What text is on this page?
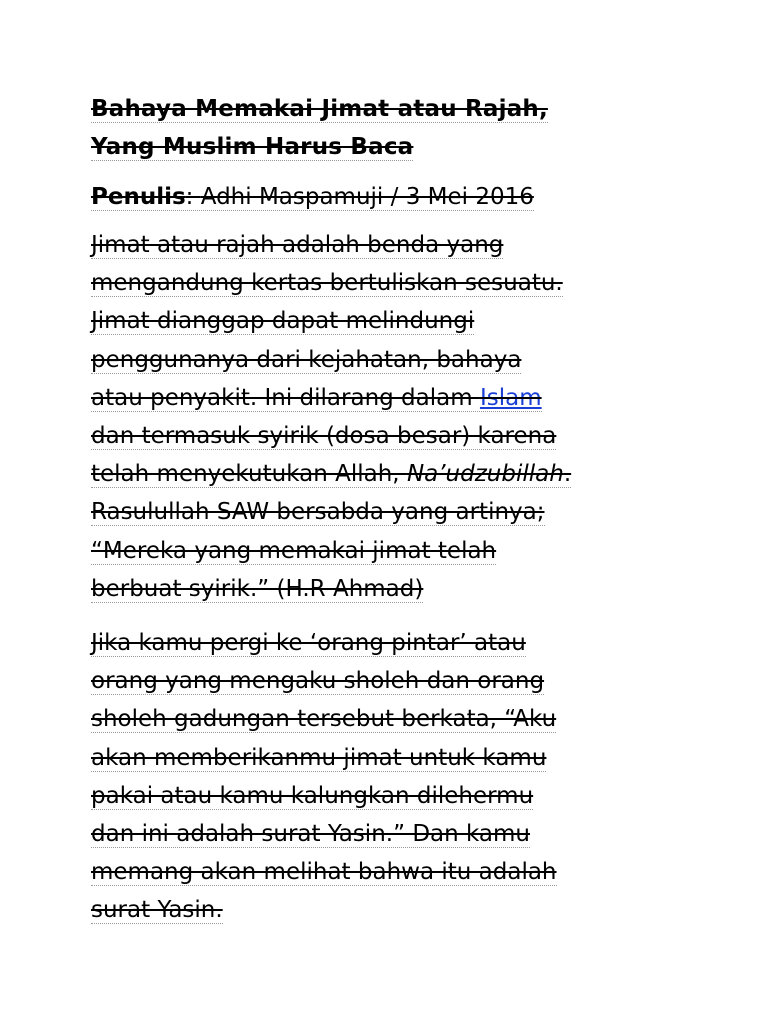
Bahaya Memakai Jimat atau Rajah,
Yang Muslim Harus Baca

Penulis: Adhi Maspamuji / 3 Mei 2016

Jimat atau rajah adalah benda yang
mengandung kertas bertuliskan sesuatu.
Jimat dianggap dapat melindungi
penggunanya dari kejahatan, bahaya
atau penyakit. Ini dilarang dalam Islam
dan termasuk syirik (dosa besar) karena
telah menyekutukan Allah, Na’udzubillah.
Rasulullah SAW bersabda yang artinya;
“Mereka yang memakai jimat telah
berbuat syirik.” (H.R Ahmad)

Jika kamu pergi ke ‘orang pintar’ atau
orang yang mengaku sholeh dan orang
sholeh gadungan tersebut berkata, “Aku
akan memberikanmu jimat untuk kamu
pakai atau kamu kalungkan dilehermu
dan ini adalah surat Yasin.” Dan kamu
memang akan melihat bahwa itu adalah
surat Yasin.
